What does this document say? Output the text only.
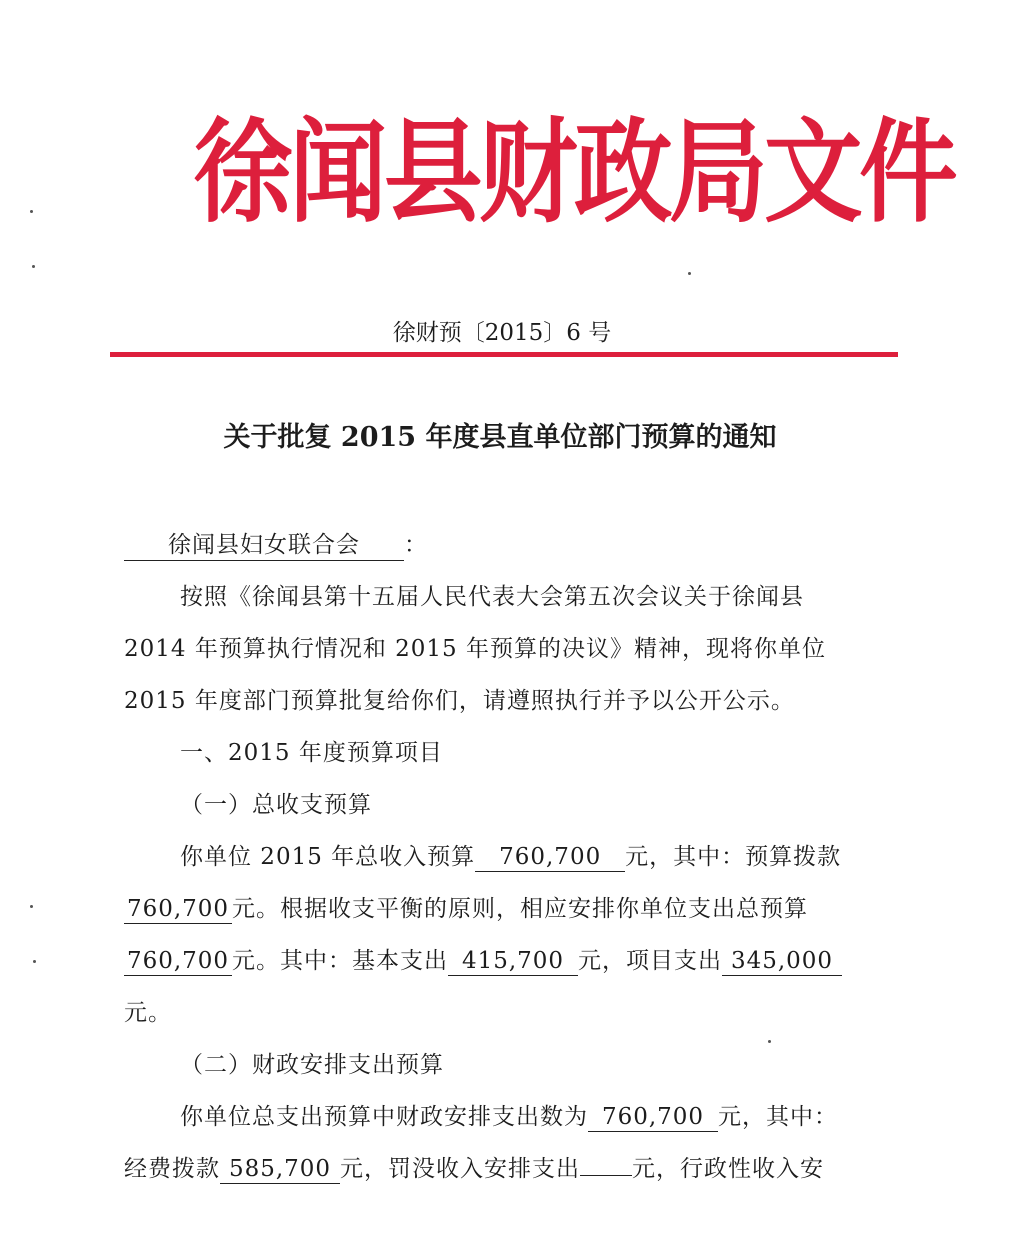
徐闻县财政局文件
徐财预〔2015〕6 号
关于批复 2015 年度县直单位部门预算的通知
徐闻县妇女联合会 ：
按照《徐闻县第十五届人民代表大会第五次会议关于徐闻县
2014 年预算执行情况和 2015 年预算的决议》精神，现将你单位
2015 年度部门预算批复给你们，请遵照执行并予以公开公示。
一、2015 年度预算项目
（一）总收支预算
你单位 2015 年总收入预算 760,700 元，其中：预算拨款
760,700 元。根据收支平衡的原则，相应安排你单位支出总预算
760,700 元。其中：基本支出 415,700 元，项目支出 345,000
元。
（二）财政安排支出预算
你单位总支出预算中财政安排支出数为 760,700 元，其中：
经费拨款 585,700 元，罚没收入安排支出 元，行政性收入安
